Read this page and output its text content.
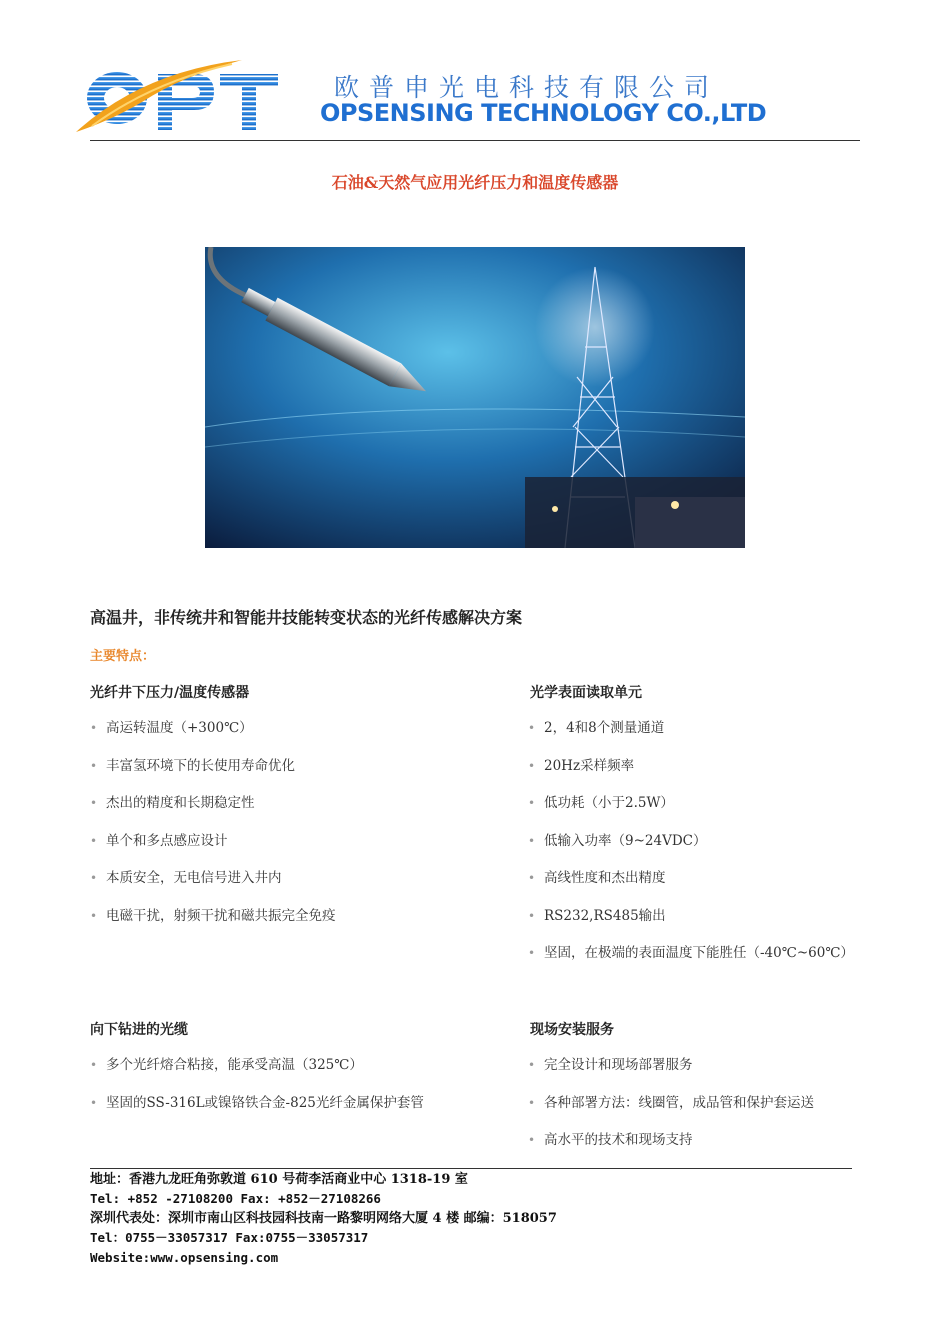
欧普申光电科技有限公司
OPSENSING TECHNOLOGY CO.,LTD
石油&天然气应用光纤压力和温度传感器
高温井，非传统井和智能井技能转变状态的光纤传感解决方案
主要特点：
光纤井下压力/温度传感器
• 高运转温度（+300℃）
• 丰富氢环境下的长使用寿命优化
• 杰出的精度和长期稳定性
• 单个和多点感应设计
• 本质安全，无电信号进入井内
• 电磁干扰，射频干扰和磁共振完全免疫
光学表面读取单元
• 2，4和8个测量通道
• 20Hz采样频率
• 低功耗（小于2.5W）
• 低输入功率（9~24VDC）
• 高线性度和杰出精度
• RS232,RS485输出
• 坚固，在极端的表面温度下能胜任（-40℃~60℃）
向下钻进的光缆
• 多个光纤熔合粘接，能承受高温（325℃）
• 坚固的SS-316L或镍铬铁合金-825光纤金属保护套管
现场安装服务
• 完全设计和现场部署服务
• 各种部署方法：线圈管，成品管和保护套运送
• 高水平的技术和现场支持
地址：香港九龙旺角弥敦道 610 号荷李活商业中心 1318-19 室
Tel: +852 -27108200 Fax: +852－27108266
深圳代表处：深圳市南山区科技园科技南一路黎明网络大厦 4 楼 邮编：518057
Tel：0755－33057317 Fax:0755－33057317
Website:www.opsensing.com
